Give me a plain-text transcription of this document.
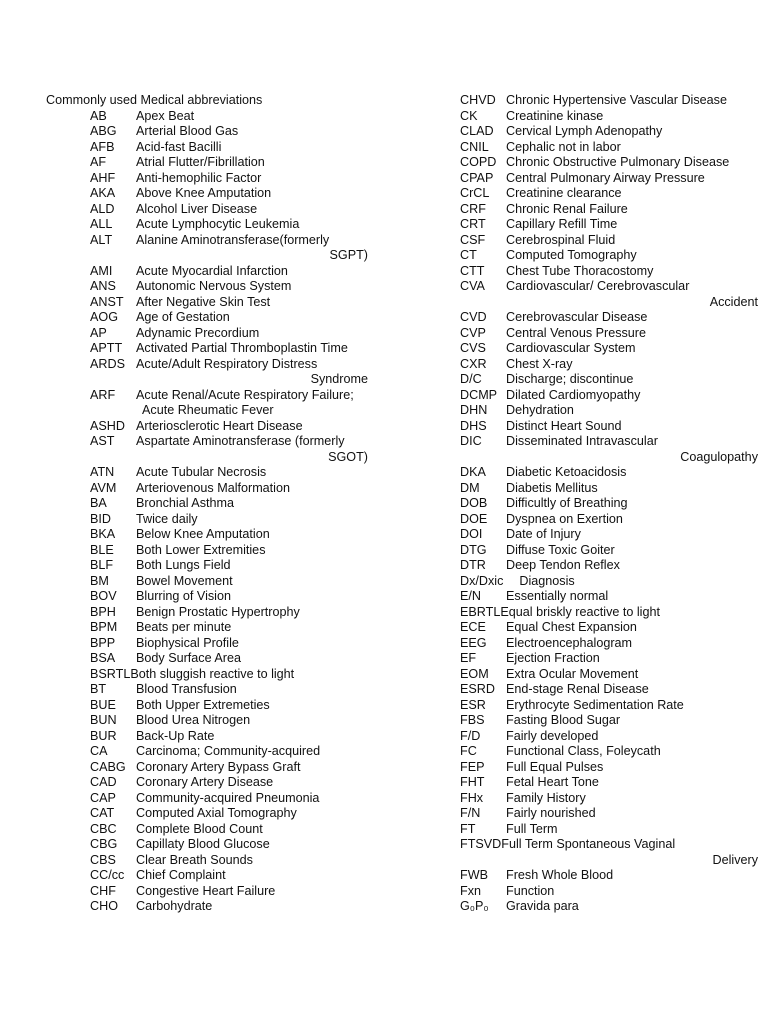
Commonly used Medical abbreviations
AB	Apex Beat
ABG	Arterial Blood Gas
AFB	Acid-fast Bacilli
AF	Atrial Flutter/Fibrillation
AHF	Anti-hemophilic Factor
AKA	Above Knee Amputation
ALD	Alcohol Liver Disease
ALL	Acute Lymphocytic Leukemia
ALT	Alanine Aminotransferase(formerly
SGPT)
AMI	Acute Myocardial Infarction
ANS	Autonomic Nervous System
ANST After Negative Skin Test
AOG	Age of Gestation
AP	Adynamic Precordium
APTT	Activated Partial Thromboplastin Time
ARDS Acute/Adult Respiratory Distress
Syndrome
ARF	Acute Renal/Acute Respiratory Failure;
Acute Rheumatic Fever
ASHD Arteriosclerotic Heart Disease
AST	Aspartate Aminotransferase (formerly
SGOT)
ATN	Acute Tubular Necrosis
AVM	Arteriovenous Malformation
BA	Bronchial Asthma
BID	Twice daily
BKA	Below Knee Amputation
BLE	Both Lower Extremities
BLF	Both Lungs Field
BM	Bowel Movement
BOV	Blurring of Vision
BPH	Benign Prostatic Hypertrophy
BPM	Beats per minute
BPP	Biophysical Profile
BSA	Body Surface Area
BSRTL Both sluggish reactive to light
BT	Blood Transfusion
BUE	Both Upper Extremeties
BUN	Blood Urea Nitrogen
BUR	Back-Up Rate
CA	Carcinoma; Community-acquired
CABG Coronary Artery Bypass Graft
CAD	Coronary Artery Disease
CAP	Community-acquired Pneumonia
CAT	Computed Axial Tomography
CBC	Complete Blood Count
CBG	Capillaty Blood Glucose
CBS	Clear Breath Sounds
CC/cc Chief Complaint
CHF	Congestive Heart Failure
CHO	Carbohydrate
CHVD Chronic Hypertensive Vascular Disease
CK	Creatinine kinase
CLAD Cervical Lymph Adenopathy
CNIL	Cephalic not in labor
COPD Chronic Obstructive Pulmonary Disease
CPAP	Central Pulmonary Airway Pressure
CrCL	Creatinine clearance
CRF	Chronic Renal Failure
CRT	Capillary Refill Time
CSF	Cerebrospinal Fluid
CT	Computed Tomography
CTT	Chest Tube Thoracostomy
CVA	Cardiovascular/ Cerebrovascular
Accident
CVD	Cerebrovascular Disease
CVP	Central Venous Pressure
CVS	Cardiovascular System
CXR	Chest X-ray
D/C	Discharge; discontinue
DCMP Dilated Cardiomyopathy
DHN	Dehydration
DHS	Distinct Heart Sound
DIC	Disseminated Intravascular
Coagulopathy
DKA	Diabetic Ketoacidosis
DM	Diabetis Mellitus
DOB	Difficultly of Breathing
DOE	Dyspnea on Exertion
DOI	Date of Injury
DTG	Diffuse Toxic Goiter
DTR	Deep Tendon Reflex
Dx/Dxic	Diagnosis
E/N	Essentially normal
EBRTL Equal briskly reactive to light
ECE	Equal Chest Expansion
EEG	Electroencephalogram
EF	Ejection Fraction
EOM	Extra Ocular Movement
ESRD End-stage Renal Disease
ESR	Erythrocyte Sedimentation Rate
FBS	Fasting Blood Sugar
F/D	Fairly developed
FC	Functional Class, Foleycath
FEP	Full Equal Pulses
FHT	Fetal Heart Tone
FHx	Family History
F/N	Fairly nourished
FT	Full Term
FTSVD Full Term Spontaneous Vaginal
Delivery
FWB	Fresh Whole Blood
Fxn	Function
G₀P₀	Gravida para
